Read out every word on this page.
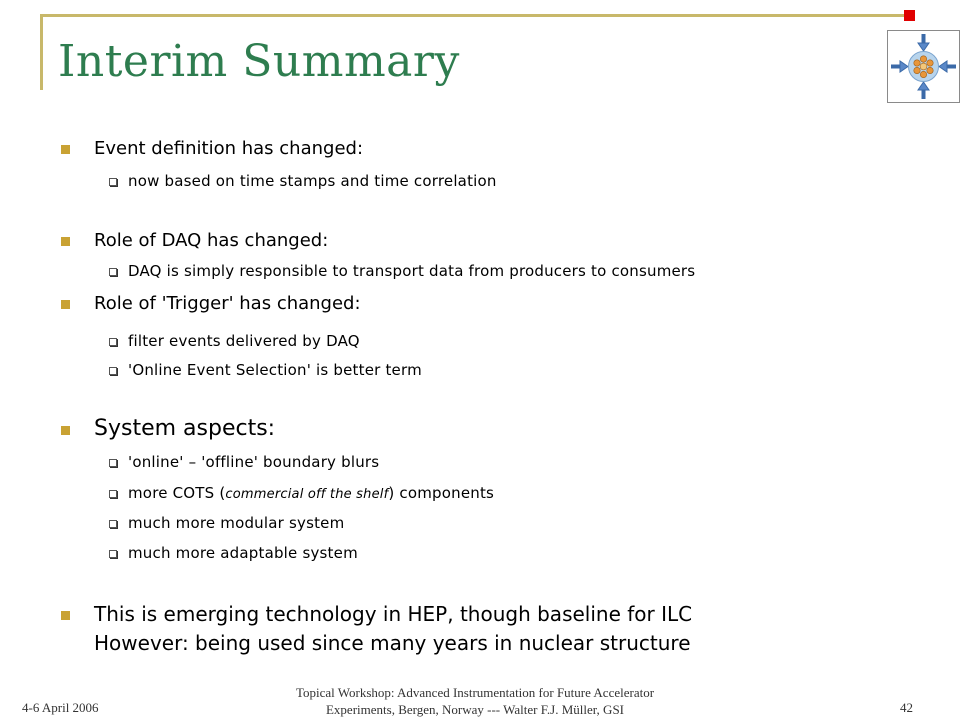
Interim Summary
Event definition has changed:
now based on time stamps and time correlation
Role of DAQ has changed:
DAQ is simply responsible to transport data from producers to consumers
Role of 'Trigger' has changed:
filter events delivered by DAQ
'Online Event Selection' is better term
System aspects:
'online' – 'offline' boundary blurs
more COTS (commercial off the shelf) components
much more modular system
much more adaptable system
This is emerging technology in HEP, though baseline for ILC
However: being used since many years in nuclear structure
4-6 April 2006
Topical Workshop: Advanced Instrumentation for Future Accelerator
Experiments, Bergen, Norway --- Walter F.J. Müller, GSI	42
